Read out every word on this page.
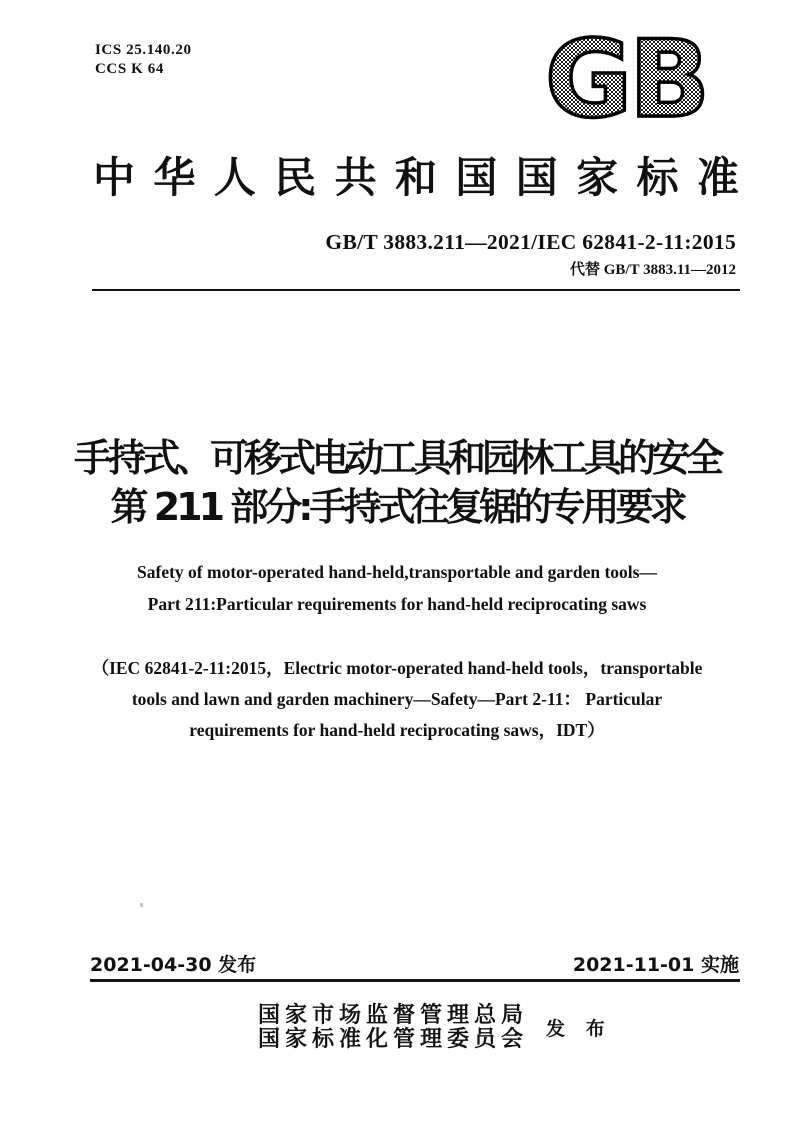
ICS 25.140.20
CCS K 64	GB
中 华 人 民 共 和 国 国 家 标 准
GB/T 3883.211—2021/IEC 62841-2-11:2015
代替 GB/T 3883.11—2012
手持式、可移式电动工具和园林工具的安全
第 211 部分:手持式往复锯的专用要求
Safety of motor-operated hand-held,transportable and garden tools—
Part 211:Particular requirements for hand-held reciprocating saws
（IEC 62841-2-11:2015，Electric motor-operated hand-held tools，transportable
tools and lawn and garden machinery—Safety—Part 2-11： Particular
requirements for hand-held reciprocating saws，IDT）
2021-04-30 发布	2021-11-01 实施
国家市场监督管理总局
国家标准化管理委员会 发 布
